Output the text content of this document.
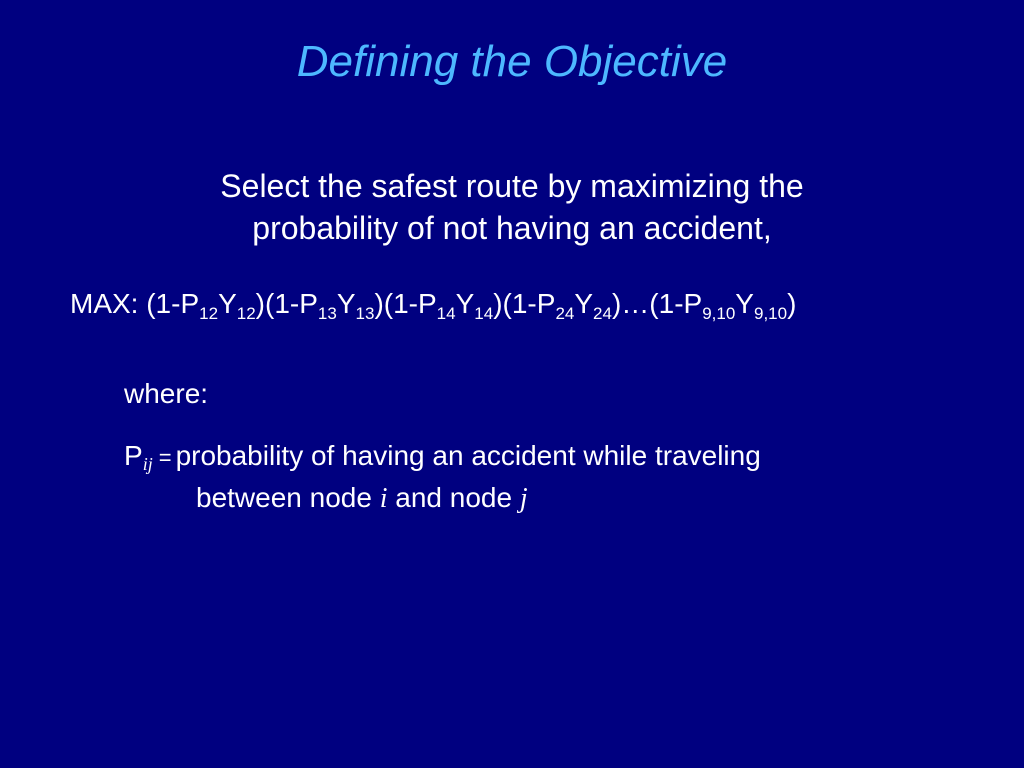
Defining the Objective
Select the safest route by maximizing the
probability of not having an accident,
MAX: $(1-P_{12}Y_{12})(1-P_{13}Y_{13})(1-P_{14}Y_{14})(1-P_{24}Y_{24})\dots(1-P_{9,10}Y_{9,10})$
where:
$P_{ij}$ = probability of having an accident while traveling
between node i and node j
